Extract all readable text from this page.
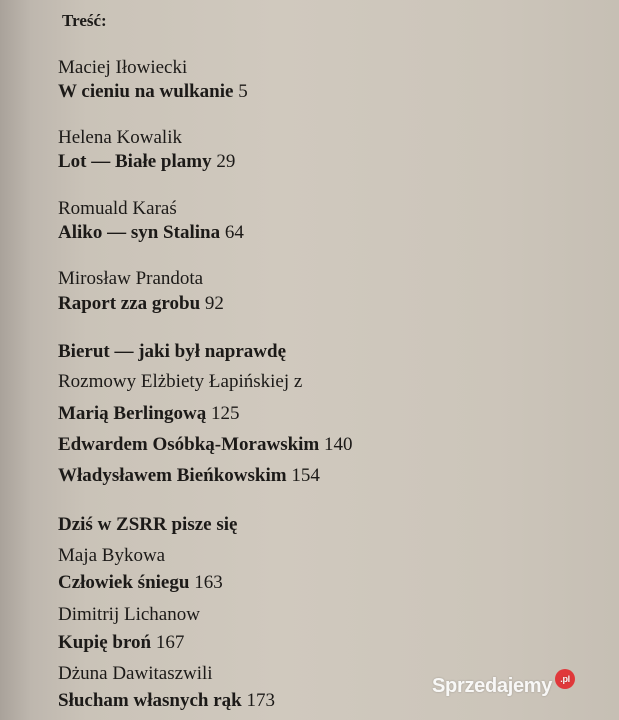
Treść:
Maciej Iłowiecki
W cieniu na wulkanie 5
Helena Kowalik
Lot — Białe plamy 29
Romuald Karaś
Aliko — syn Stalina 64
Mirosław Prandota
Raport zza grobu 92
Bierut — jaki był naprawdę
Rozmowy Elżbiety Łapińskiej z
Marią Berlingową 125
Edwardem Osóbką-Morawskim 140
Władysławem Bieńkowskim 154
Dziś w ZSRR pisze się
Maja Bykowa
Człowiek śniegu 163
Dimitrij Lichanow
Kupię broń 167
Dżuna Dawitaszwili
Słucham własnych rąk 173
Sprzedajemy .pl
